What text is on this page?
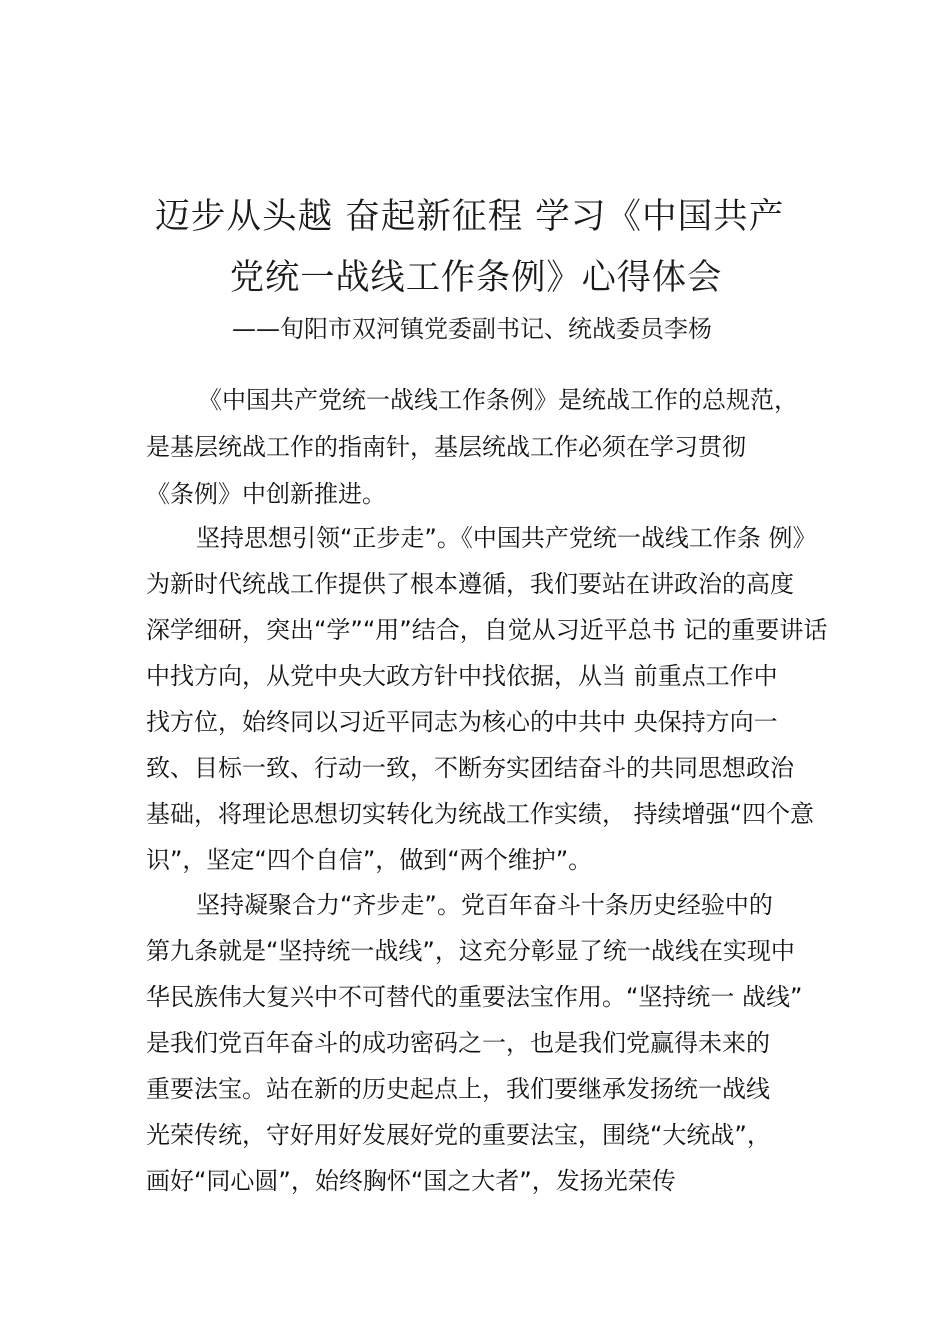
迈步从头越 奋起新征程 学习《中国共产
党统一战线工作条例》心得体会
——旬阳市双河镇党委副书记、统战委员李杨
《中国共产党统一战线工作条例》是统战工作的总规范，
是基层统战工作的指南针，基层统战工作必须在学习贯彻
《条例》中创新推进。
坚持思想引领“正步走”。《中国共产党统一战线工作条 例》
为新时代统战工作提供了根本遵循，我们要站在讲政治的高度
深学细研，突出“学”“用”结合，自觉从习近平总书 记的重要讲话
中找方向，从党中央大政方针中找依据，从当 前重点工作中
找方位，始终同以习近平同志为核心的中共中 央保持方向一
致、目标一致、行动一致，不断夯实团结奋斗的共同思想政治
基础，将理论思想切实转化为统战工作实绩， 持续增强“四个意
识”，坚定“四个自信”，做到“两个维护”。
坚持凝聚合力“齐步走”。党百年奋斗十条历史经验中的
第九条就是“坚持统一战线”，这充分彰显了统一战线在实现中
华民族伟大复兴中不可替代的重要法宝作用。“坚持统一 战线”
是我们党百年奋斗的成功密码之一，也是我们党赢得未来的
重要法宝。站在新的历史起点上，我们要继承发扬统一战线
光荣传统，守好用好发展好党的重要法宝，围绕“大统战”，
画好“同心圆”，始终胸怀“国之大者”，发扬光荣传
